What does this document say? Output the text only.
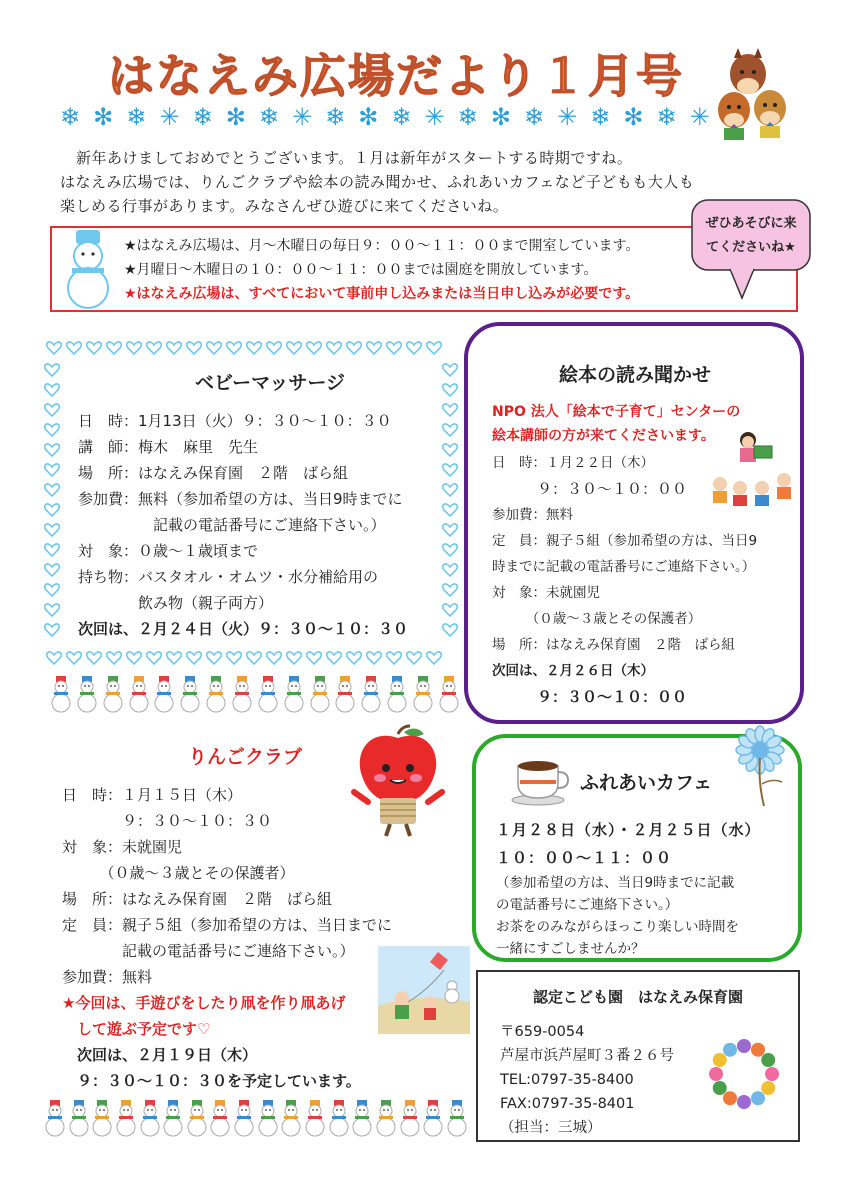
はなえみ広場だより１月号
❄ ✻ ❄ ✳ ❄ ✻ ❄ ✳ ❄ ✻ ❄ ✳ ❄ ✻ ❄ ✳ ❄ ✻ ❄ ✳

新年あけましておめでとうございます。１月は新年がスタートする時期ですね。

はなえみ広場では、りんごクラブや絵本の読み聞かせ、ふれあいカフェなど子どもも大人も

楽しめる行事があります。みなさんぜひ遊びに来てくださいね。

★はなえみ広場は、月～木曜日の毎日９：００～１１：００まで開室しています。
★月曜日～木曜日の１０：００～１１：００までは園庭を開放しています。
★はなえみ広場は、すべてにおいて事前申し込みまたは当日申し込みが必要です。
ぜひあそびに来
てくださいね★
ベビーマッサージ
日　時：1月13日（火）９：３０～１０：３０
講　師：梅木　麻里　先生
場　所：はなえみ保育園　２階　ばら組
参加費：無料（参加希望の方は、当日9時までに
　　　　　記載の電話番号にご連絡下さい。）
対　象：０歳～１歳頃まで
持ち物：バスタオル・オムツ・水分補給用の
　　　　飲み物（親子両方）
次回は、２月２４日（火）９：３０～１０：３０
絵本の読み聞かせ
NPO 法人「絵本で子育て」センターの
絵本講師の方が来てくださいます。
日　時：１月２２日（木）
　　　９：３０～１０：００
参加費：無料
定　員：親子５組（参加希望の方は、当日9
時までに記載の電話番号にご連絡下さい。）
対　象：未就園児
　　　（０歳～３歳とその保護者）
場　所：はなえみ保育園　２階　ばら組
次回は、２月２６日（木）
　　　９：３０～１０：００
りんごクラブ
日　時：１月１５日（木）
　　　　９：３０～１０：３０
対　象：未就園児
　　　（０歳～３歳とその保護者）
場　所：はなえみ保育園　２階　ばら組
定　員：親子５組（参加希望の方は、当日までに
　　　　記載の電話番号にご連絡下さい。）
参加費：無料
★今回は、手遊びをしたり凧を作り凧あげ
　して遊ぶ予定です♡
　次回は、２月１９日（木）
　９：３０～１０：３０を予定しています。
ふれあいカフェ
１月２８日（水）・２月２５日（水）
１０：００～１１：００
（参加希望の方は、当日9時までに記載
の電話番号にご連絡下さい。）
お茶をのみながらほっこり楽しい時間を
一緒にすごしませんか？
認定こども園　はなえみ保育園
〒659-0054
芦屋市浜芦屋町３番２６号
TEL:0797-35-8400
FAX:0797-35-8401
（担当：三城）
